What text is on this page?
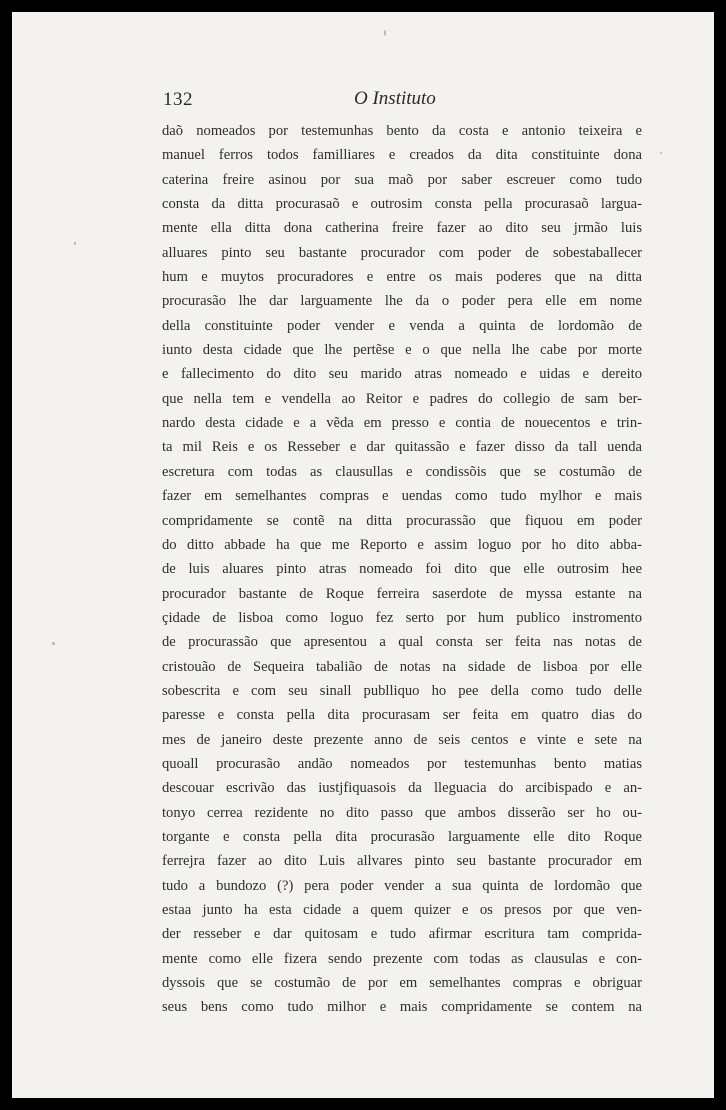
132	O Instituto
daõ nomeados por testemunhas bento da costa e antonio teixeira e
manuel ferros todos familliares e creados da dita constituinte dona
caterina freire asinou por sua maõ por saber escreuer como tudo
consta da ditta procurasaõ e outrosim consta pella procurasaõ largua-
mente ella ditta dona catherina freire fazer ao dito seu jrmão luis
alluares pinto seu bastante procurador com poder de sobestaballecer
hum e muytos procuradores e entre os mais poderes que na ditta
procurasão lhe dar larguamente lhe da o poder pera elle em nome
della constituinte poder vender e venda a quinta de lordomão de
iunto desta cidade que lhe pertẽse e o que nella lhe cabe por morte
e fallecimento do dito seu marido atras nomeado e uidas e dereito
que nella tem e vendella ao Reitor e padres do collegio de sam ber-
nardo desta cidade e a vẽda em presso e contia de nouecentos e trin-
ta mil Reis e os Resseber e dar quitassão e fazer disso da tall uenda
escretura com todas as clausullas e condissõis que se costumão de
fazer em semelhantes compras e uendas como tudo mylhor e mais
compridamente se contẽ na ditta procurassão que fiquou em poder
do ditto abbade ha que me Reporto e assim loguo por ho dito abba-
de luis aluares pinto atras nomeado foi dito que elle outrosim hee
procurador bastante de Roque ferreira saserdote de myssa estante na
çidade de lisboa como loguo fez serto por hum publico instromento
de procurassão que apresentou a qual consta ser feita nas notas de
cristouão de Sequeira tabalião de notas na sidade de lisboa por elle
sobescrita e com seu sinall publliquo ho pee della como tudo delle
paresse e consta pella dita procurasam ser feita em quatro dias do
mes de janeiro deste prezente anno de seis centos e vinte e sete na
quoall procurasão andão nomeados por testemunhas bento matias
descouar escrivão das iustjfiquasois da lleguacia do arcibispado e an-
tonyo cerrea rezidente no dito passo que ambos disserão ser ho ou-
torgante e consta pella dita procurasão larguamente elle dito Roque
ferrejra fazer ao dito Luis allvares pinto seu bastante procurador em
tudo a bundozo (?) pera poder vender a sua quinta de lordomão que
estaa junto ha esta cidade a quem quizer e os presos por que ven-
der resseber e dar quitosam e tudo afirmar escritura tam comprida-
mente como elle fizera sendo prezente com todas as clausulas e con-
dyssois que se costumão de por em semelhantes compras e obriguar
seus bens como tudo milhor e mais compridamente se contem na
